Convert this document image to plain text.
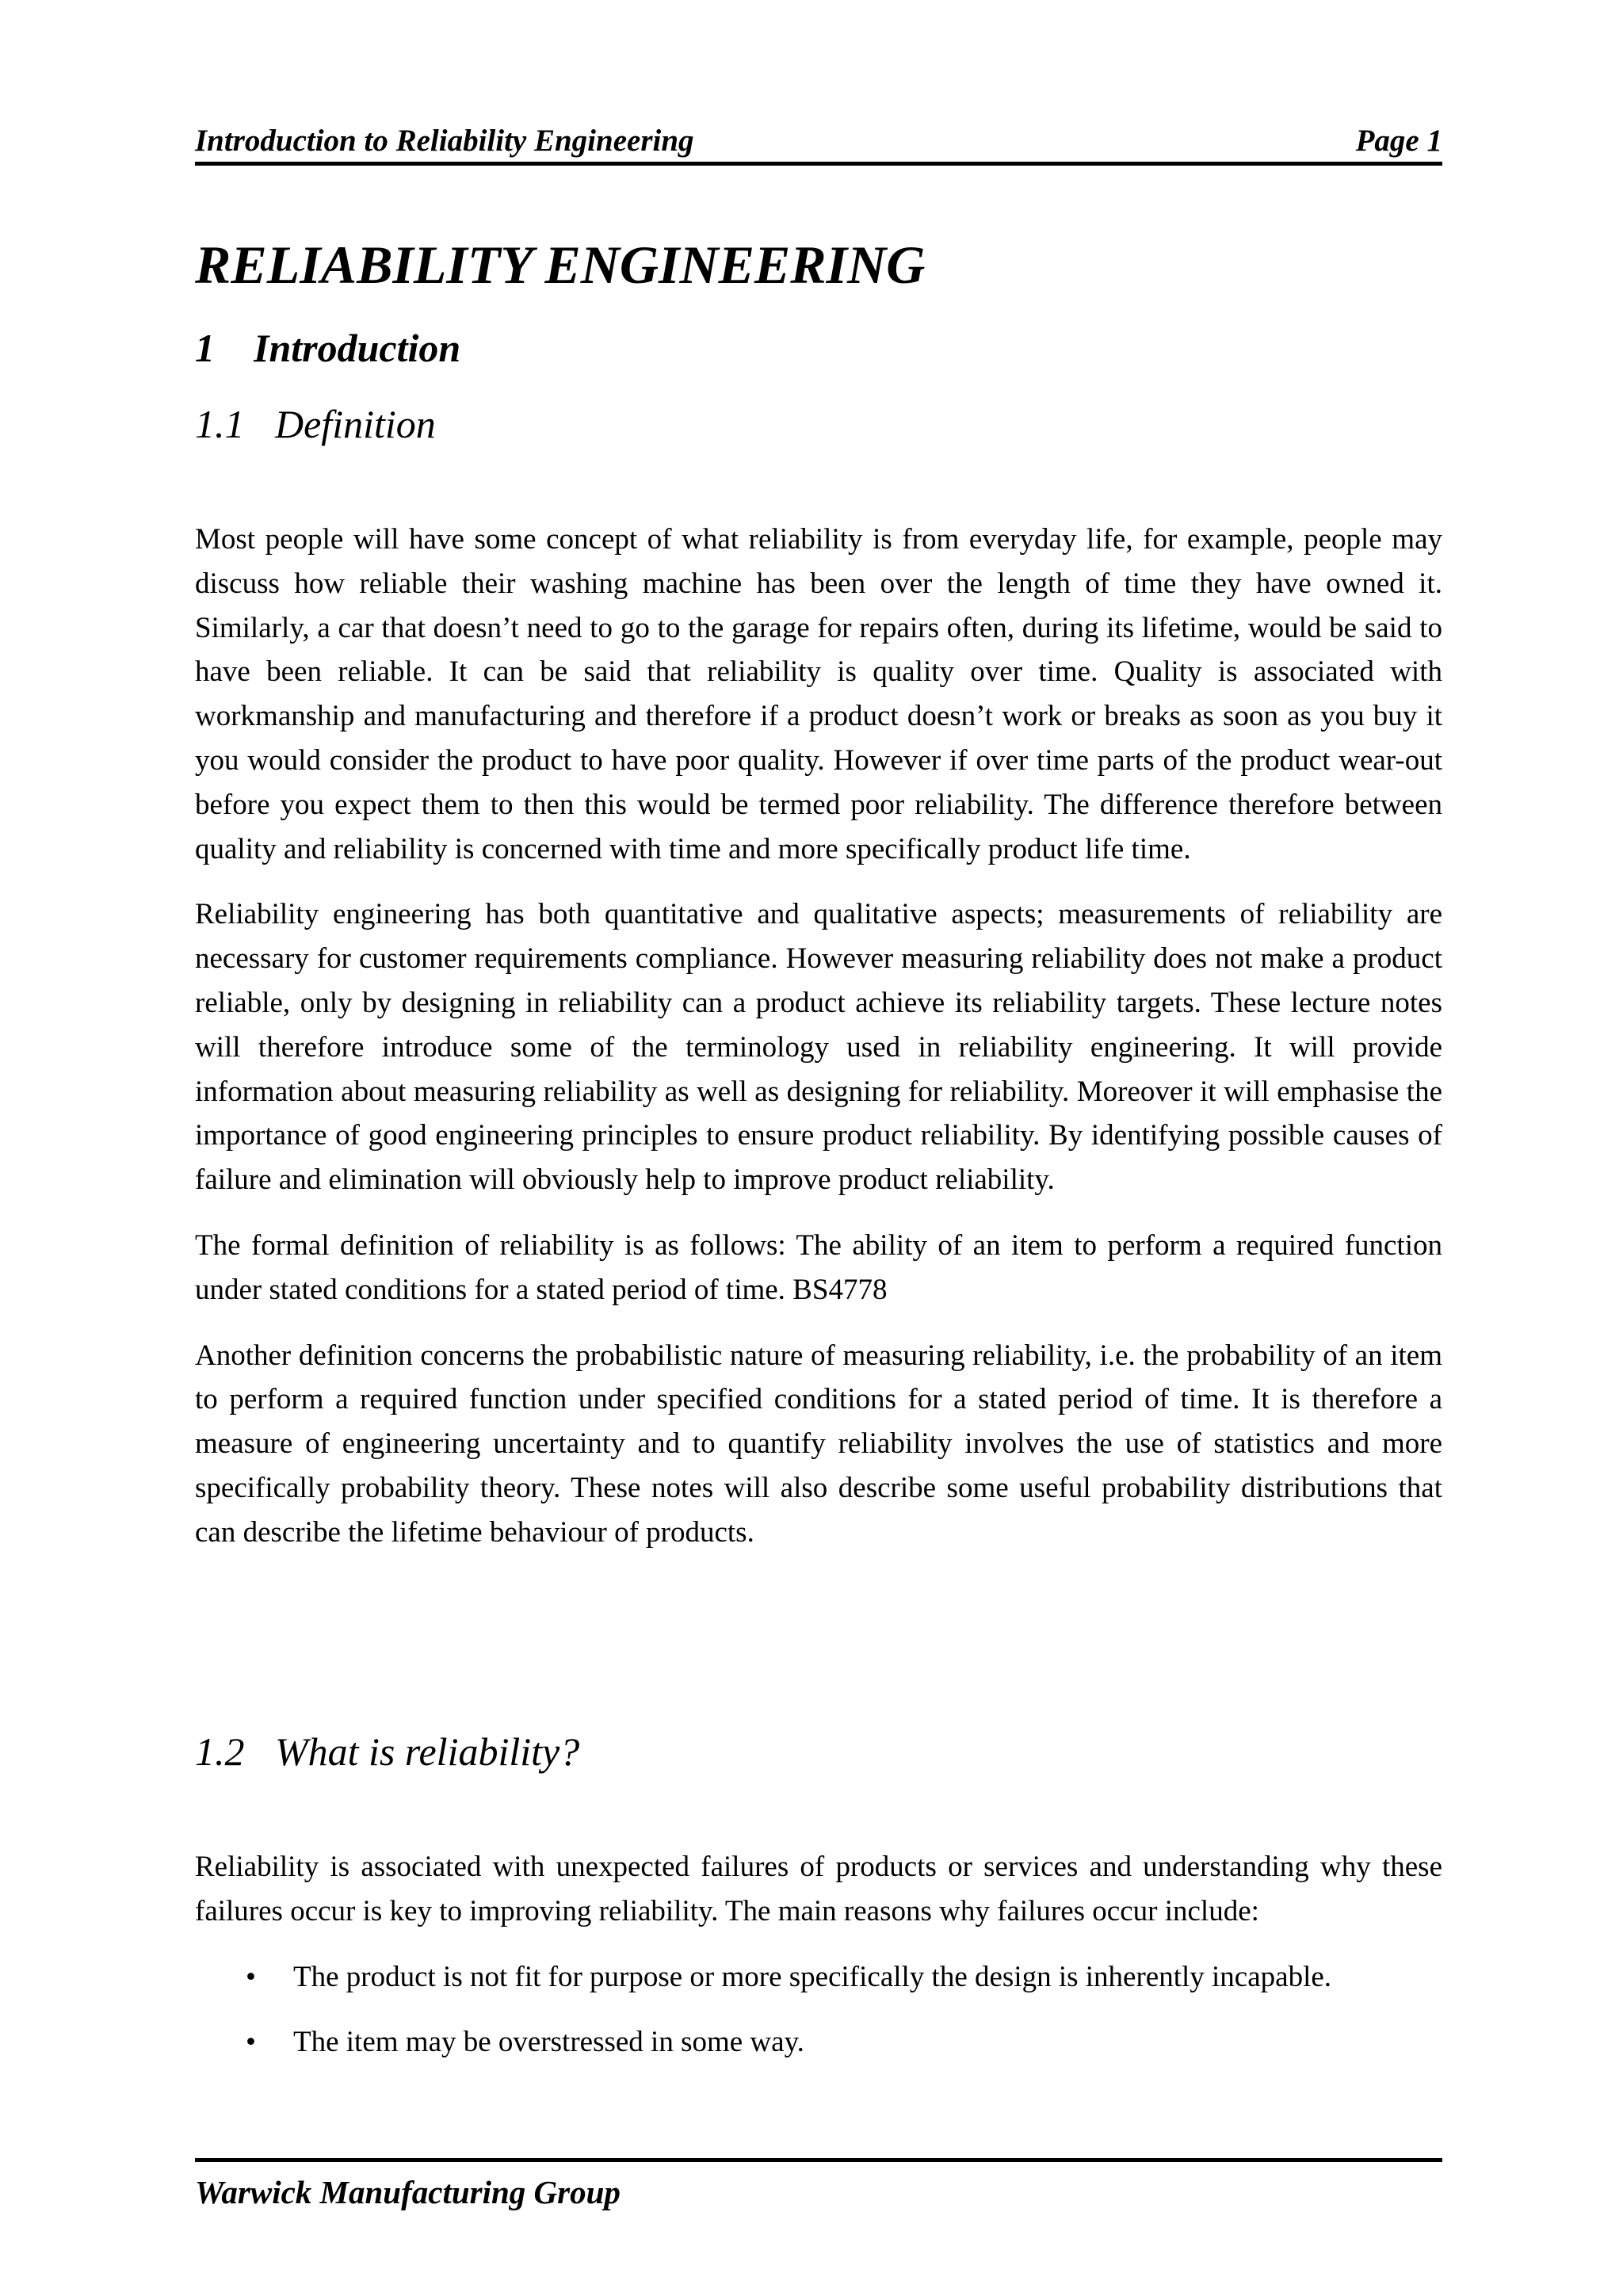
Introduction to Reliability Engineering	Page 1
RELIABILITY ENGINEERING
1 Introduction
1.1 Definition

Most people will have some concept of what reliability is from everyday life, for example, people may discuss how reliable their washing machine has been over the length of time they have owned it. Similarly, a car that doesn’t need to go to the garage for repairs often, during its lifetime, would be said to have been reliable. It can be said that reliability is quality over time. Quality is associated with workmanship and manufacturing and therefore if a product doesn’t work or breaks as soon as you buy it you would consider the product to have poor quality. However if over time parts of the product wear-out before you expect them to then this would be termed poor reliability. The difference therefore between quality and reliability is concerned with time and more specifically product life time.

Reliability engineering has both quantitative and qualitative aspects; measurements of reliability are necessary for customer requirements compliance. However measuring reliability does not make a product reliable, only by designing in reliability can a product achieve its reliability targets. These lecture notes will therefore introduce some of the terminology used in reliability engineering. It will provide information about measuring reliability as well as designing for reliability. Moreover it will emphasise the importance of good engineering principles to ensure product reliability. By identifying possible causes of failure and elimination will obviously help to improve product reliability.

The formal definition of reliability is as follows: The ability of an item to perform a required function under stated conditions for a stated period of time. BS4778

Another definition concerns the probabilistic nature of measuring reliability, i.e. the probability of an item to perform a required function under specified conditions for a stated period of time. It is therefore a measure of engineering uncertainty and to quantify reliability involves the use of statistics and more specifically probability theory. These notes will also describe some useful probability distributions that can describe the lifetime behaviour of products.

1.2 What is reliability?

Reliability is associated with unexpected failures of products or services and understanding why these failures occur is key to improving reliability. The main reasons why failures occur include:

• The product is not fit for purpose or more specifically the design is inherently incapable.
• The item may be overstressed in some way.
Warwick Manufacturing Group
